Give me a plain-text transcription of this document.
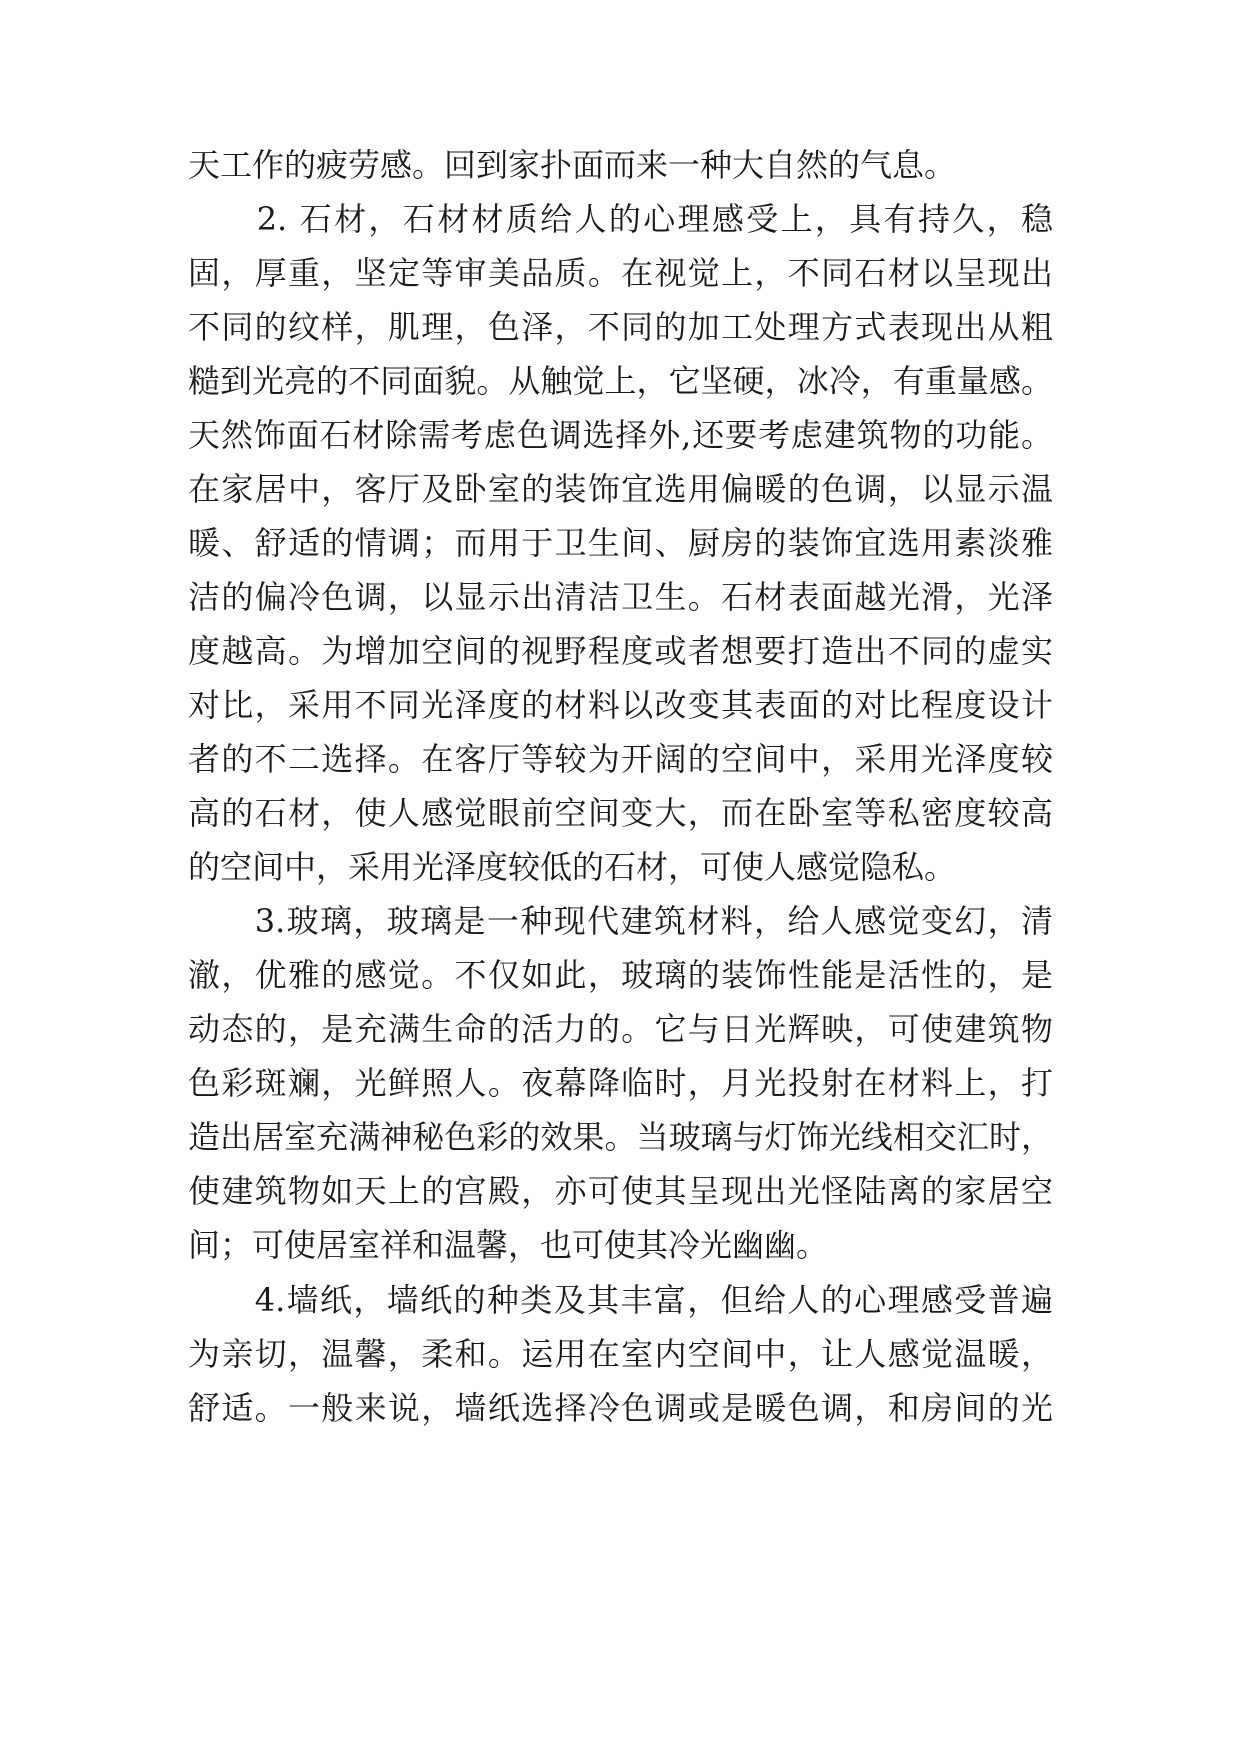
天工作的疲劳感。回到家扑面而来一种大自然的气息。
　　2. 石材，石材材质给人的心理感受上，具有持久，稳
固，厚重，坚定等审美品质。在视觉上，不同石材以呈现出
不同的纹样，肌理，色泽，不同的加工处理方式表现出从粗
糙到光亮的不同面貌。从触觉上，它坚硬，冰冷，有重量感。
天然饰面石材除需考虑色调选择外,还要考虑建筑物的功能。
在家居中，客厅及卧室的装饰宜选用偏暖的色调，以显示温
暖、舒适的情调；而用于卫生间、厨房的装饰宜选用素淡雅
洁的偏冷色调，以显示出清洁卫生。石材表面越光滑，光泽
度越高。为增加空间的视野程度或者想要打造出不同的虚实
对比，采用不同光泽度的材料以改变其表面的对比程度设计
者的不二选择。在客厅等较为开阔的空间中，采用光泽度较
高的石材，使人感觉眼前空间变大，而在卧室等私密度较高
的空间中，采用光泽度较低的石材，可使人感觉隐私。
　　3.玻璃，玻璃是一种现代建筑材料，给人感觉变幻，清
澈，优雅的感觉。不仅如此，玻璃的装饰性能是活性的，是
动态的，是充满生命的活力的。它与日光辉映，可使建筑物
色彩斑斓，光鲜照人。夜幕降临时，月光投射在材料上，打
造出居室充满神秘色彩的效果。当玻璃与灯饰光线相交汇时，
使建筑物如天上的宫殿，亦可使其呈现出光怪陆离的家居空
间；可使居室祥和温馨，也可使其冷光幽幽。
　　4.墙纸，墙纸的种类及其丰富，但给人的心理感受普遍
为亲切，温馨，柔和。运用在室内空间中，让人感觉温暖，
舒适。一般来说，墙纸选择冷色调或是暖色调，和房间的光
